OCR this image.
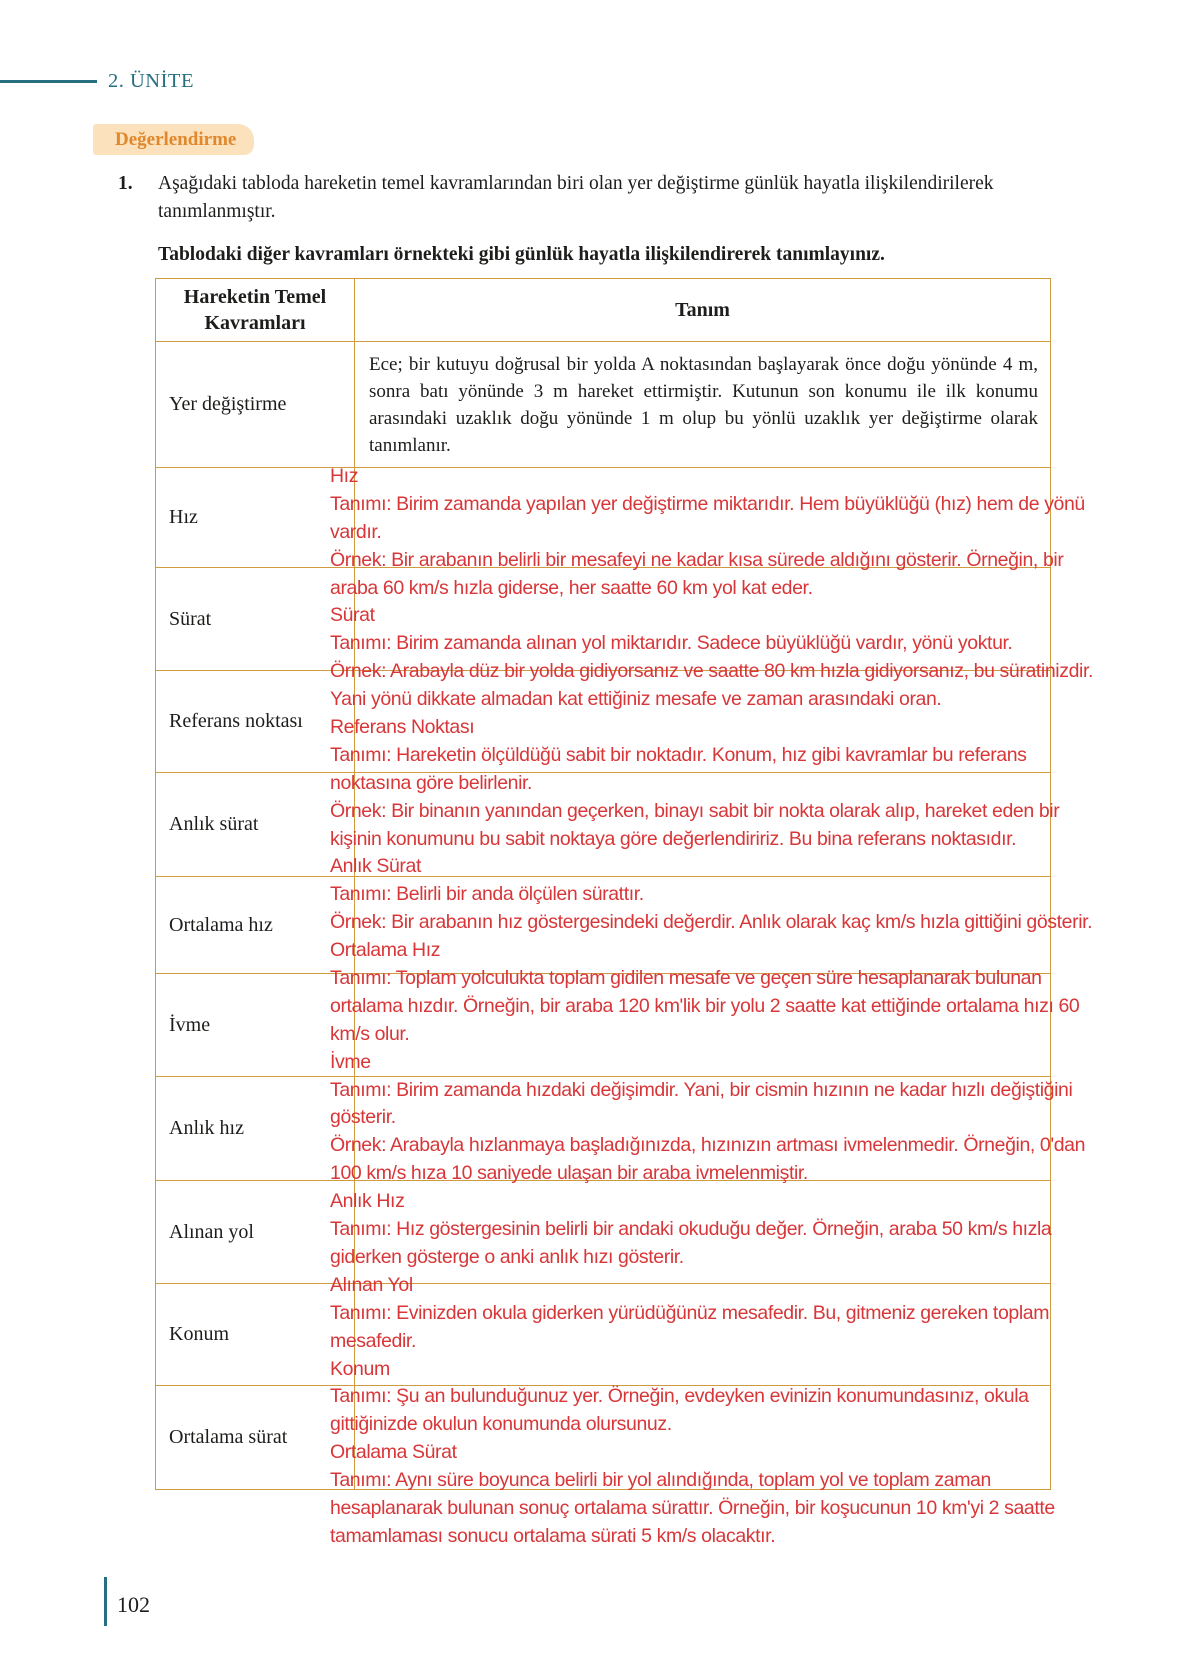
2. ÜNİTE
Değerlendirme
1. Aşağıdaki tabloda hareketin temel kavramlarından biri olan yer değiştirme günlük hayatla ilişkilendirilerek tanımlanmıştır.
Tablodaki diğer kavramları örnekteki gibi günlük hayatla ilişkilendirerek tanımlayınız.
Hareketin Temel
Kavramları
Tanım
Yer değiştirme
Ece; bir kutuyu doğrusal bir yolda A noktasından başlayarak önce doğu yönünde 4 m, sonra batı yönünde 3 m hareket ettirmiştir. Kutunun son konumu ile ilk konumu arasındaki uzaklık doğu yönünde 1 m olup bu yönlü uzaklık yer değiştirme olarak tanımlanır.
Hız
Sürat
Referans noktası
Anlık sürat
Ortalama hız
İvme
Anlık hız
Alınan yol
Konum
Ortalama sürat
Hız
Tanımı: Birim zamanda yapılan yer değiştirme miktarıdır. Hem büyüklüğü (hız) hem de yönü
vardır.
Örnek: Bir arabanın belirli bir mesafeyi ne kadar kısa sürede aldığını gösterir. Örneğin, bir
araba 60 km/s hızla giderse, her saatte 60 km yol kat eder.
Sürat
Tanımı: Birim zamanda alınan yol miktarıdır. Sadece büyüklüğü vardır, yönü yoktur.
Örnek: Arabayla düz bir yolda gidiyorsanız ve saatte 80 km hızla gidiyorsanız, bu süratinizdir.
Yani yönü dikkate almadan kat ettiğiniz mesafe ve zaman arasındaki oran.
Referans Noktası
Tanımı: Hareketin ölçüldüğü sabit bir noktadır. Konum, hız gibi kavramlar bu referans
noktasına göre belirlenir.
Örnek: Bir binanın yanından geçerken, binayı sabit bir nokta olarak alıp, hareket eden bir
kişinin konumunu bu sabit noktaya göre değerlendiririz. Bu bina referans noktasıdır.
Anlık Sürat
Tanımı: Belirli bir anda ölçülen sürattır.
Örnek: Bir arabanın hız göstergesindeki değerdir. Anlık olarak kaç km/s hızla gittiğini gösterir.
Ortalama Hız
Tanımı: Toplam yolculukta toplam gidilen mesafe ve geçen süre hesaplanarak bulunan
ortalama hızdır. Örneğin, bir araba 120 km'lik bir yolu 2 saatte kat ettiğinde ortalama hızı 60
km/s olur.
İvme
Tanımı: Birim zamanda hızdaki değişimdir. Yani, bir cismin hızının ne kadar hızlı değiştiğini
gösterir.
Örnek: Arabayla hızlanmaya başladığınızda, hızınızın artması ivmelenmedir. Örneğin, 0'dan
100 km/s hıza 10 saniyede ulaşan bir araba ivmelenmiştir.
Anlık Hız
Tanımı: Hız göstergesinin belirli bir andaki okuduğu değer. Örneğin, araba 50 km/s hızla
giderken gösterge o anki anlık hızı gösterir.
Alınan Yol
Tanımı: Evinizden okula giderken yürüdüğünüz mesafedir. Bu, gitmeniz gereken toplam
mesafedir.
Konum
Tanımı: Şu an bulunduğunuz yer. Örneğin, evdeyken evinizin konumundasınız, okula
gittiğinizde okulun konumunda olursunuz.
Ortalama Sürat
Tanımı: Aynı süre boyunca belirli bir yol alındığında, toplam yol ve toplam zaman
hesaplanarak bulunan sonuç ortalama sürattır. Örneğin, bir koşucunun 10 km'yi 2 saatte
tamamlaması sonucu ortalama sürati 5 km/s olacaktır.
102
